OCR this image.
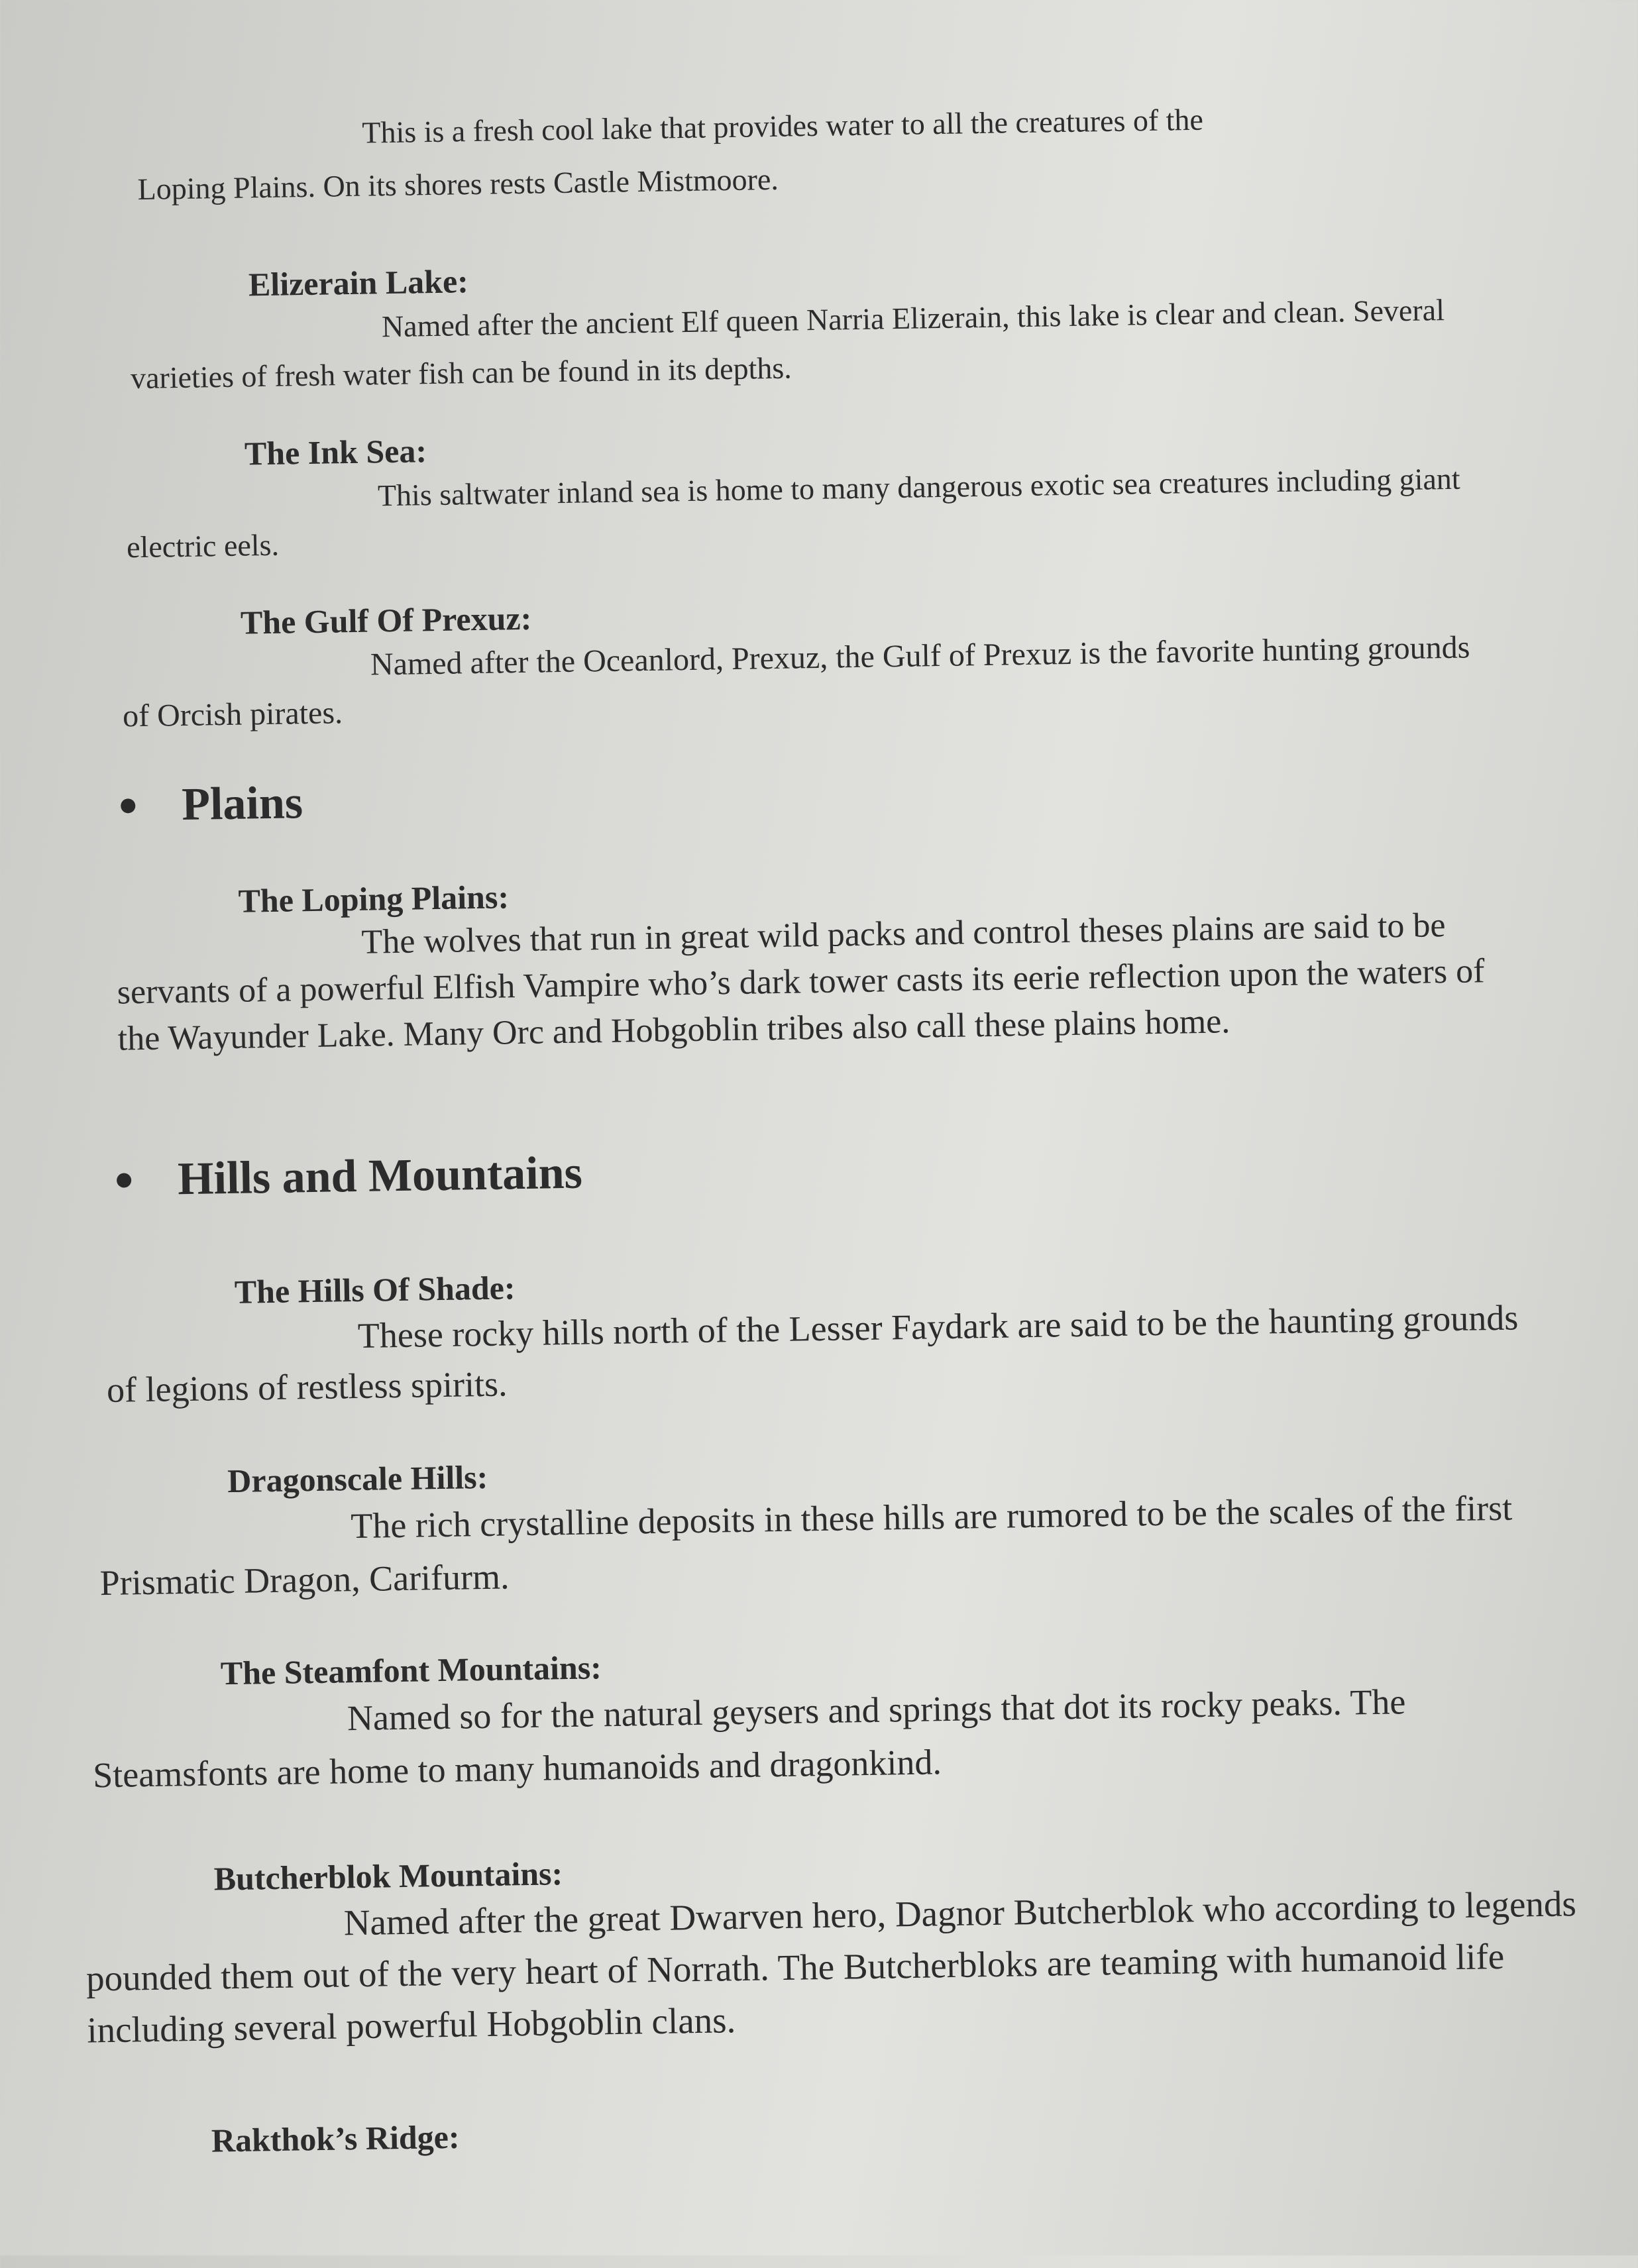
This is a fresh cool lake that provides water to all the creatures of the
Loping Plains. On its shores rests Castle Mistmoore.

Elizerain Lake:

Named after the ancient Elf queen Narria Elizerain, this lake is clear and clean. Several varieties of fresh water fish can be found in its depths.

The Ink Sea:

This saltwater inland sea is home to many dangerous exotic sea creatures including giant electric eels.

The Gulf Of Prexuz:

Named after the Oceanlord, Prexuz, the Gulf of Prexuz is the favorite hunting grounds of Orcish pirates.

Plains

The Loping Plains:

The wolves that run in great wild packs and control theses plains are said to be servants of a powerful Elfish Vampire who’s dark tower casts its eerie reflection upon the waters of the Wayunder Lake. Many Orc and Hobgoblin tribes also call these plains home.

Hills and Mountains

The Hills Of Shade:

These rocky hills north of the Lesser Faydark are said to be the haunting grounds of legions of restless spirits.

Dragonscale Hills:

The rich crystalline deposits in these hills are rumored to be the scales of the first Prismatic Dragon, Carifurm.

The Steamfont Mountains:

Named so for the natural geysers and springs that dot its rocky peaks. The Steamsfonts are home to many humanoids and dragonkind.

Butcherblok Mountains:

Named after the great Dwarven hero, Dagnor Butcherblok who according to legends pounded them out of the very heart of Norrath. The Butcherbloks are teaming with humanoid life including several powerful Hobgoblin clans.

Rakthok’s Ridge:
